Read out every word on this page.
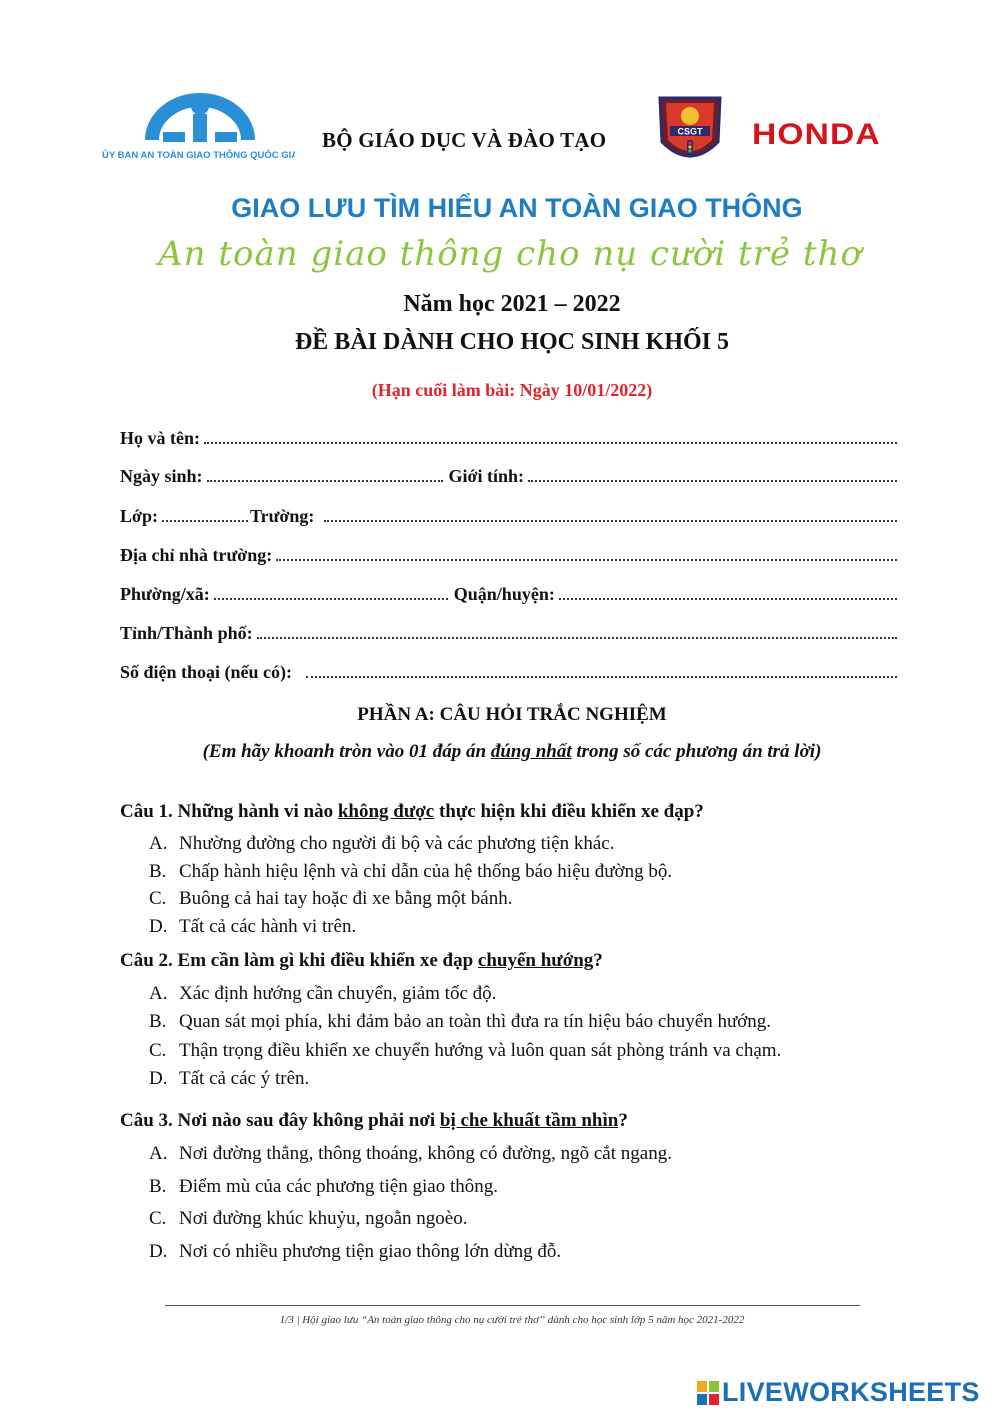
ỦY BAN AN TOÀN GIAO THÔNG QUỐC GIA
BỘ GIÁO DỤC VÀ ĐÀO TẠO	CSGT HONDA
GIAO LƯU TÌM HIỂU AN TOÀN GIAO THÔNG
An toàn giao thông cho nụ cười trẻ thơ
Năm học 2021 – 2022
ĐỀ BÀI DÀNH CHO HỌC SINH KHỐI 5
(Hạn cuối làm bài: Ngày 10/01/2022)
Họ và tên:
Ngày sinh:	Giới tính:
Lớp:	Trường:
Địa chỉ nhà trường:
Phường/xã:	Quận/huyện:
Tỉnh/Thành phố:
Số điện thoại (nếu có):
PHẦN A: CÂU HỎI TRẮC NGHIỆM
(Em hãy khoanh tròn vào 01 đáp án đúng nhất trong số các phương án trả lời)
Câu 1. Những hành vi nào không được thực hiện khi điều khiển xe đạp?
A. Nhường đường cho người đi bộ và các phương tiện khác.
B. Chấp hành hiệu lệnh và chỉ dẫn của hệ thống báo hiệu đường bộ.
C. Buông cả hai tay hoặc đi xe bằng một bánh.
D. Tất cả các hành vi trên.
Câu 2. Em cần làm gì khi điều khiển xe đạp chuyển hướng?
A. Xác định hướng cần chuyển, giảm tốc độ.
B. Quan sát mọi phía, khi đảm bảo an toàn thì đưa ra tín hiệu báo chuyển hướng.
C. Thận trọng điều khiển xe chuyển hướng và luôn quan sát phòng tránh va chạm.
D. Tất cả các ý trên.
Câu 3. Nơi nào sau đây không phải nơi bị che khuất tầm nhìn?
A. Nơi đường thẳng, thông thoáng, không có đường, ngõ cắt ngang.
B. Điểm mù của các phương tiện giao thông.
C. Nơi đường khúc khuỷu, ngoằn ngoèo.
D. Nơi có nhiều phương tiện giao thông lớn dừng đỗ.
1/3 | Hội giao lưu “An toàn giao thông cho nụ cười trẻ thơ” dành cho học sinh lớp 5 năm học 2021-2022
LIVEWORKSHEETS
